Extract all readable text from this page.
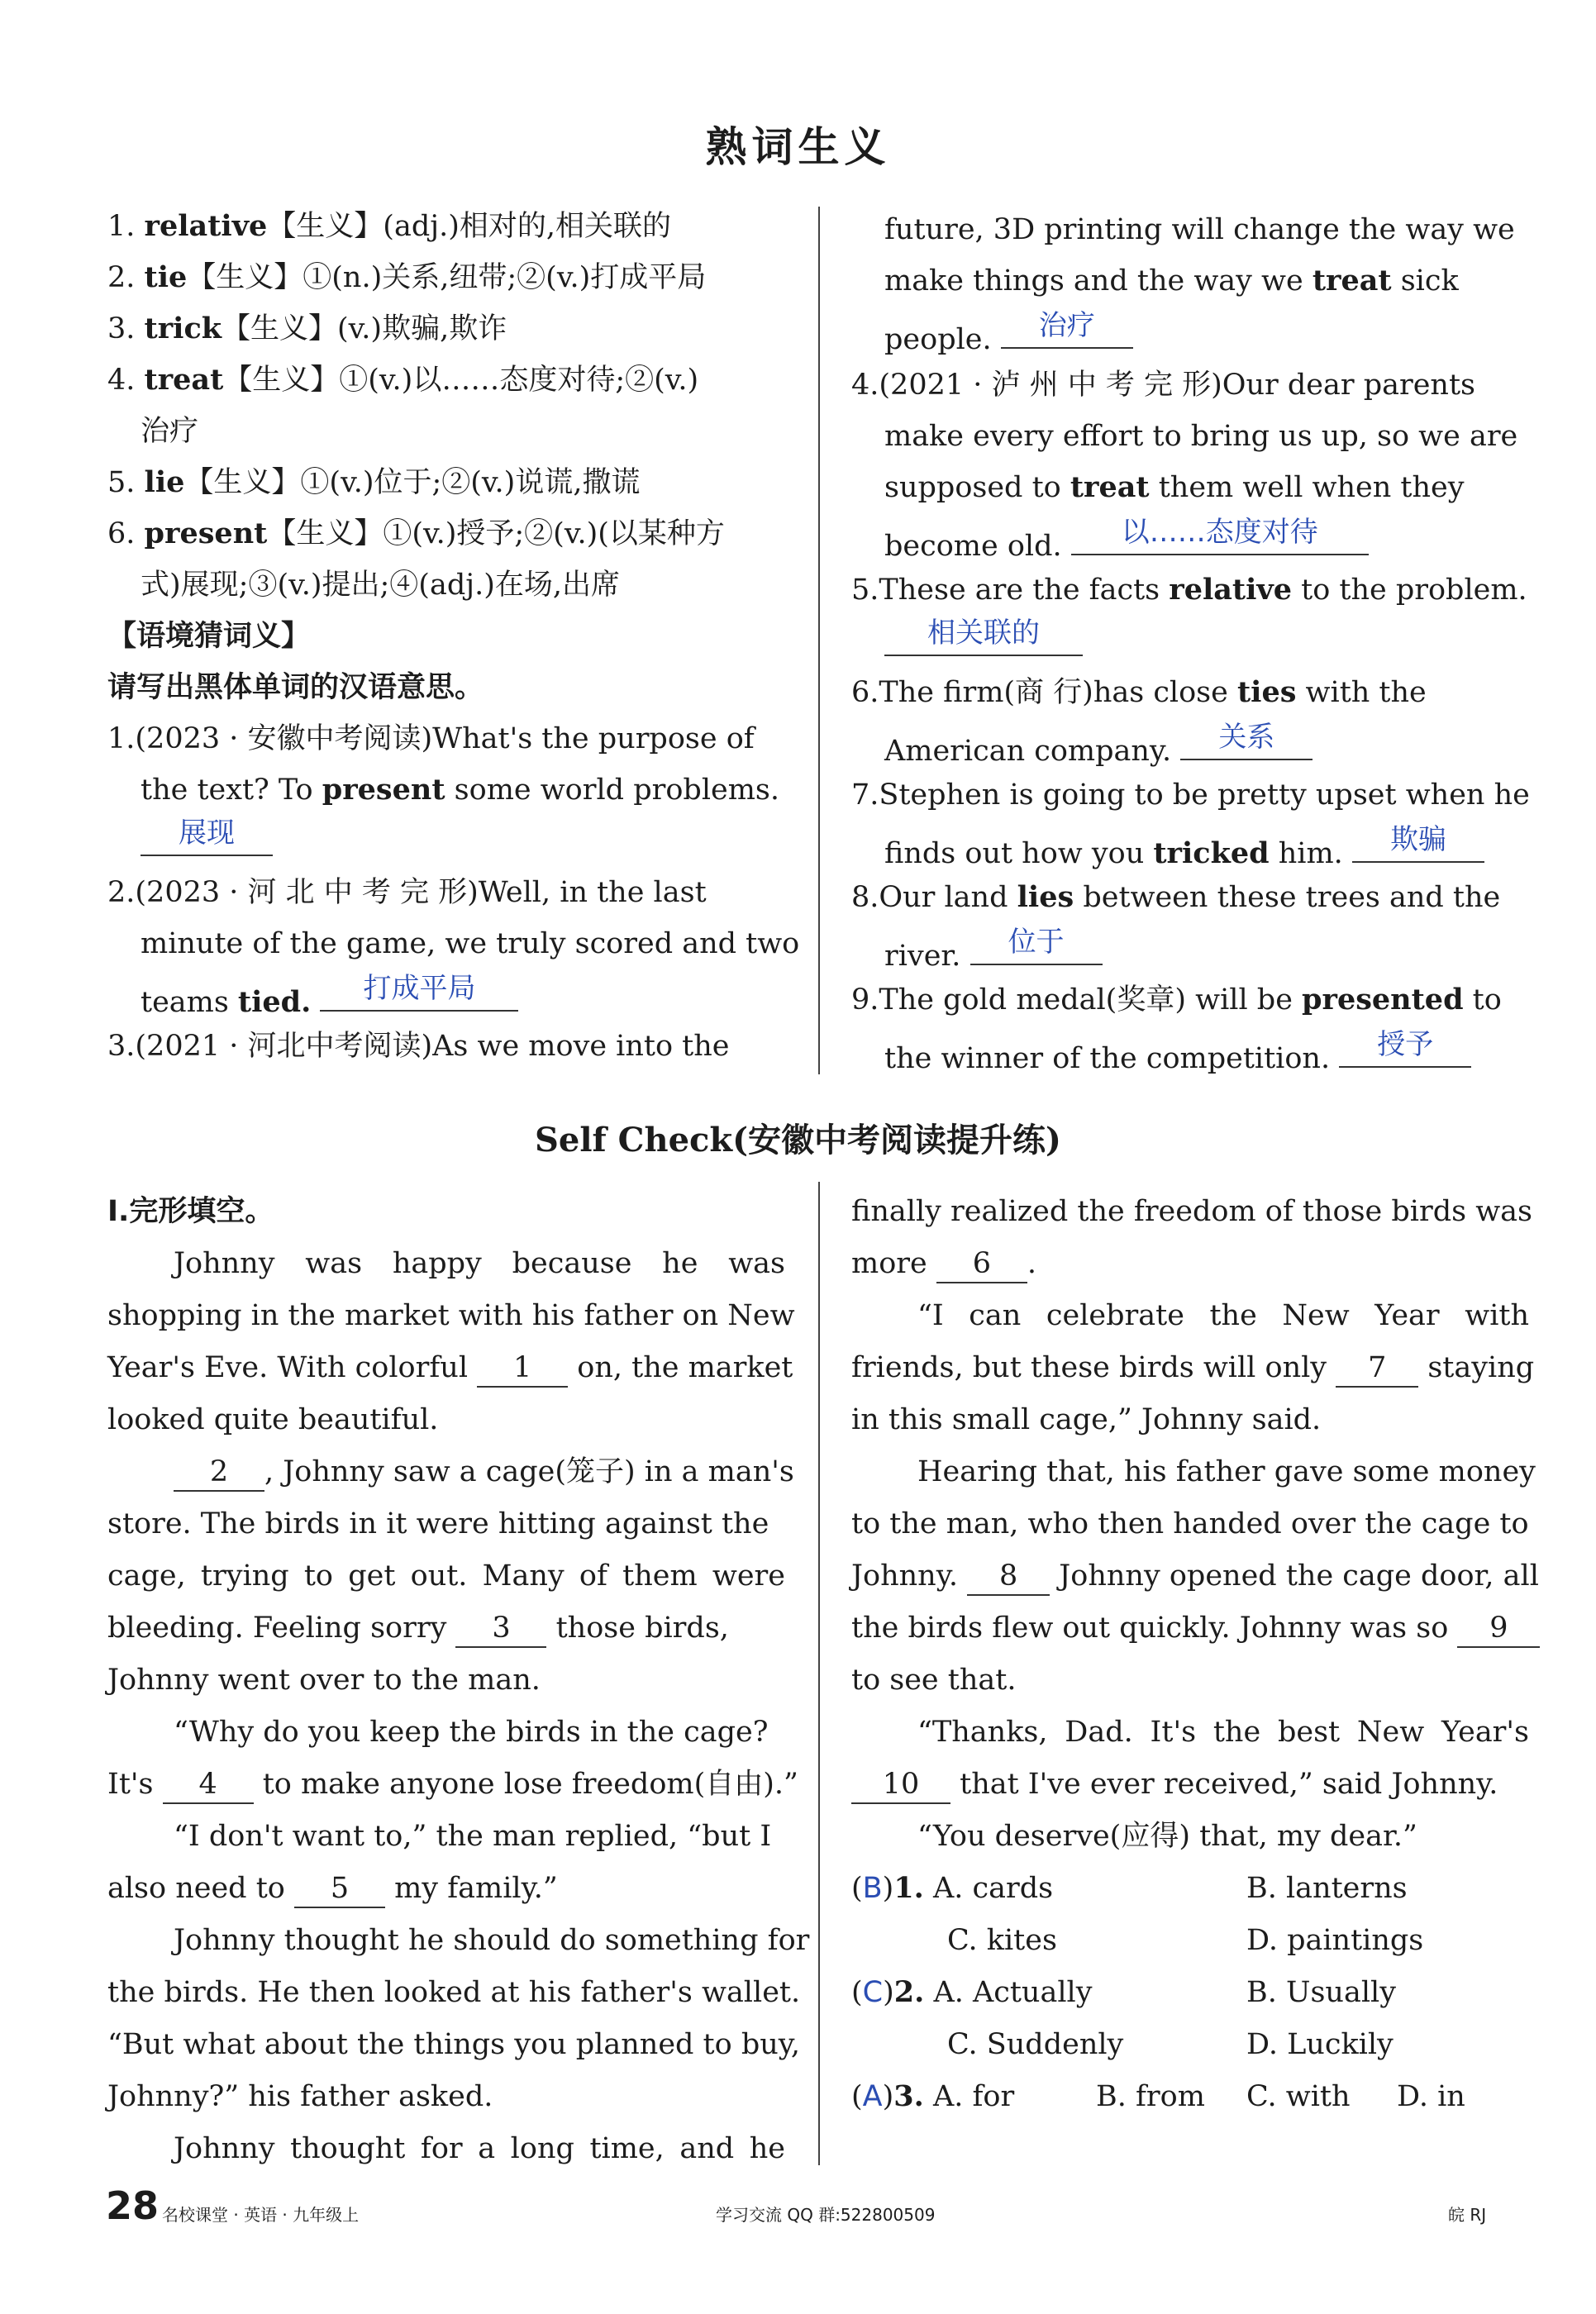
熟词生义
1. relative【生义】(adj.)相对的,相关联的
2. tie【生义】①(n.)关系,纽带;②(v.)打成平局
3. trick【生义】(v.)欺骗,欺诈
4. treat【生义】①(v.)以……态度对待;②(v.)
治疗
5. lie【生义】①(v.)位于;②(v.)说谎,撒谎
6. present【生义】①(v.)授予;②(v.)(以某种方
式)展现;③(v.)提出;④(adj.)在场,出席
【语境猜词义】
请写出黑体单词的汉语意思。
1.(2023 · 安徽中考阅读)What's the purpose of
the text? To present some world problems.
展现
2.(2023 · 河 北 中 考 完 形)Well, in the last
minute of the game, we truly scored and two
teams tied.	打成平局
3.(2021 · 河北中考阅读)As we move into the
future, 3D printing will change the way we
make things and the way we treat sick
people.	治疗
4.(2021 · 泸 州 中 考 完 形)Our dear parents
make every effort to bring us up, so we are
supposed to treat them well when they
become old.	以……态度对待
5.These are the facts relative to the problem.
相关联的
6.The firm(商 行)has close ties with the
American company.	关系
7.Stephen is going to be pretty upset when he
finds out how you tricked him.	欺骗
8.Our land lies between these trees and the
river.	位于
9.The gold medal(奖章) will be presented to
the winner of the competition.	授予
Self Check(安徽中考阅读提升练)
Ⅰ.完形填空。
Johnny was happy because he was
shopping in the market with his father on New
Year's Eve. With colorful 1 on, the market
looked quite beautiful.
2 , Johnny saw a cage(笼子) in a man's
store. The birds in it were hitting against the
cage, trying to get out. Many of them were
bleeding. Feeling sorry 3 those birds,
Johnny went over to the man.
“Why do you keep the birds in the cage?
It's 4 to make anyone lose freedom(自由).”
“I don't want to,” the man replied, “but I
also need to 5 my family.”
Johnny thought he should do something for
the birds. He then looked at his father's wallet.
“But what about the things you planned to buy,
Johnny?” his father asked.
Johnny thought for a long time, and he
finally realized the freedom of those birds was
more 6 .
“I can celebrate the New Year with
friends, but these birds will only 7 staying
in this small cage,” Johnny said.
Hearing that, his father gave some money
to the man, who then handed over the cage to
Johnny. 8 Johnny opened the cage door, all
the birds flew out quickly. Johnny was so 9
to see that.
“Thanks, Dad. It's the best New Year's
10 that I've ever received,” said Johnny.
“You deserve(应得) that, my dear.”
(B)1. A. cards	B. lanterns
C. kites	D. paintings
(C)2. A. Actually	B. Usually
C. Suddenly	D. Luckily
(A)3. A. for	B. from C. with D. in
28 名校课堂 · 英语 · 九年级上	学习交流 QQ 群:522800509	皖 RJ
